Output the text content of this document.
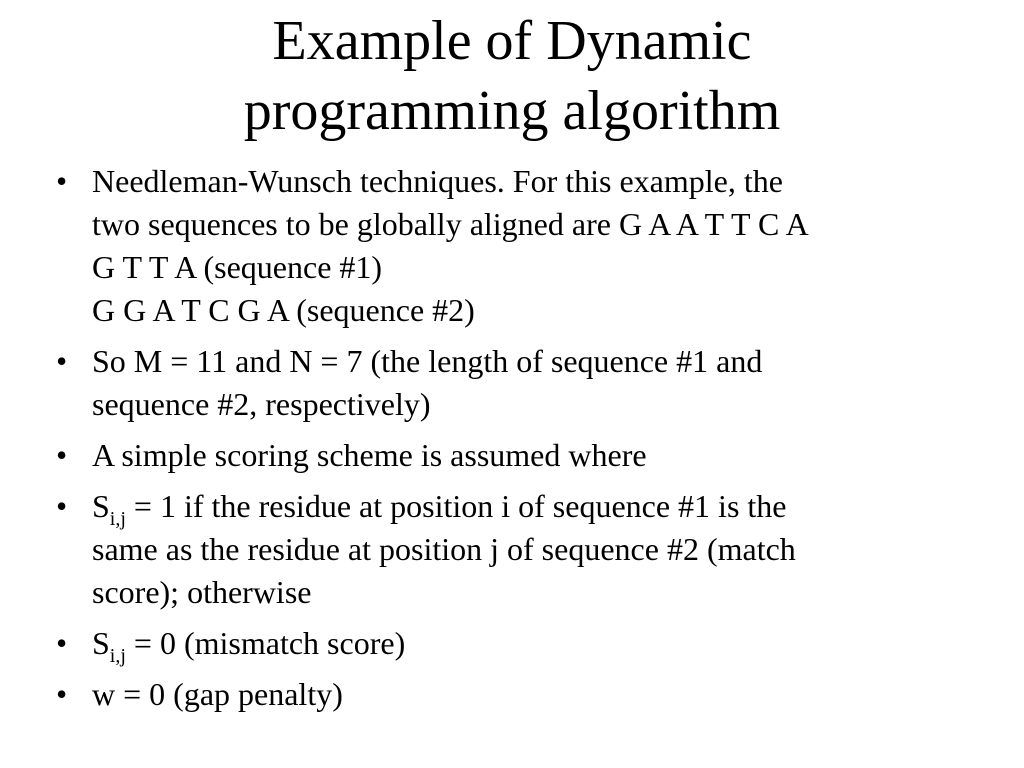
Example of Dynamic
programming algorithm
• Needleman-Wunsch techniques. For this example, the
two sequences to be globally aligned are G A A T T C A
G T T A (sequence #1)
G G A T C G A (sequence #2)
• So M = 11 and N = 7 (the length of sequence #1 and
sequence #2, respectively)
• A simple scoring scheme is assumed where
• $S_{i,j} = 1$ if the residue at position i of sequence #1 is the
same as the residue at position j of sequence #2 (match
score); otherwise
• $S_{i,j} = 0$ (mismatch score)
• w = 0 (gap penalty)
